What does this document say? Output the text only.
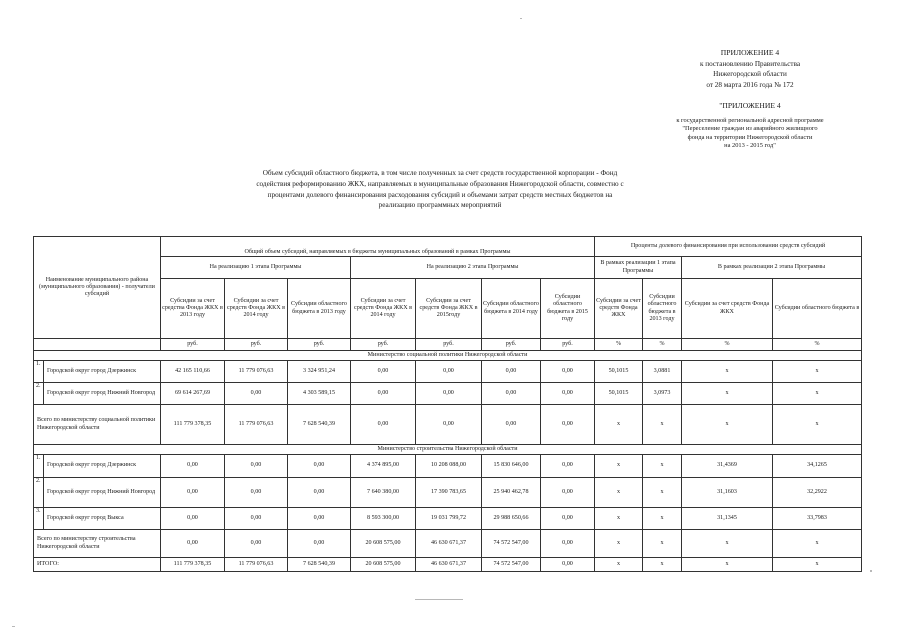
ПРИЛОЖЕНИЕ 4
к постановлению Правительства
Нижегородской области
от 28 марта 2016 года № 172
"ПРИЛОЖЕНИЕ 4
к государственной региональной адресной программе
"Переселение граждан из аварийного жилищного
фонда на территории Нижегородской области
на 2013 - 2015 год"
Объем субсидий областного бюджета, в том числе полученных за счет средств государственной корпорации - Фонд
содействия реформированию ЖКХ, направляемых в муниципальные образования Нижегородской области, совместно с
процентами долевого финансирования расходования субсидий и объемами затрат средств местных бюджетов на
реализацию программных мероприятий
Наименование муниципального района (муниципального образования) - получатели субсидий		Общий объем субсидий, направляемых в бюджеты муниципальных образований в рамках Программы							Проценты долевого финансирования при использовании средств субсидий			
									В рамках реализации 1 этапа Программы		В рамках реализации 2 этапа Программы	
		На реализацию 1 этапа Программы			На реализацию 2 этапа Программы							
		Субсидии за счет средства Фонда ЖКХ в 2013 году	Субсидии за счет средств Фонда ЖКХ в 2014 году	Субсидии областного бюджета в 2013 году	Субсидии за счет средств Фонда ЖКХ в 2014 году	Субсидии за счет средств Фонда ЖКХ в 2015году	Субсидии областного бюджета в 2014 году	Субсидии областного бюджета в 2015 году	Субсидии за счет средств Фонда ЖКХ	Субсидии областного бюджета в 2013 году	Субсидии за счет средств Фонда ЖКХ	Субсидии областного бюджета в
		руб.	руб.	руб.	руб.	руб.	руб.	руб.	%	%	%	%
Министерство социальной политики Нижегородской области												
1.	Городской округ город Дзержинск	42 165 110,66	11 779 076,63	3 324 951,24	0,00	0,00	0,00	0,00	50,1015	3,0881	х	х
2.	Городской округ город Нижний Новгород	69 614 267,69	0,00	4 303 589,15	0,00	0,00	0,00	0,00	50,1015	3,0973	х	х
Всего по министерству социальной политики Нижегородской области		111 779 378,35	11 779 076,63	7 628 540,39	0,00	0,00	0,00	0,00	х	х	х	х
Министерство строительства Нижегородской области												
1.	Городской округ город Дзержинск	0,00	0,00	0,00	4 374 895,00	10 208 088,00	15 830 646,00	0,00	х	х	31,4369	34,1265
2.	Городской округ город Нижний Новгород	0,00	0,00	0,00	7 640 380,00	17 390 783,65	25 940 462,78	0,00	х	х	31,1603	32,2922
3.	Городской округ город Выкса	0,00	0,00	0,00	8 593 300,00	19 031 799,72	29 988 650,66	0,00	х	х	31,1345	33,7983
Всего по министерству строительства Нижегородской области		0,00	0,00	0,00	20 608 575,00	46 630 671,37	74 572 547,00	0,00	х	х	х	х
ИТОГО:		111 779 378,35	11 779 076,63	7 628 540,39	20 608 575,00	46 630 671,37	74 572 547,00	0,00	х	х	х	х
